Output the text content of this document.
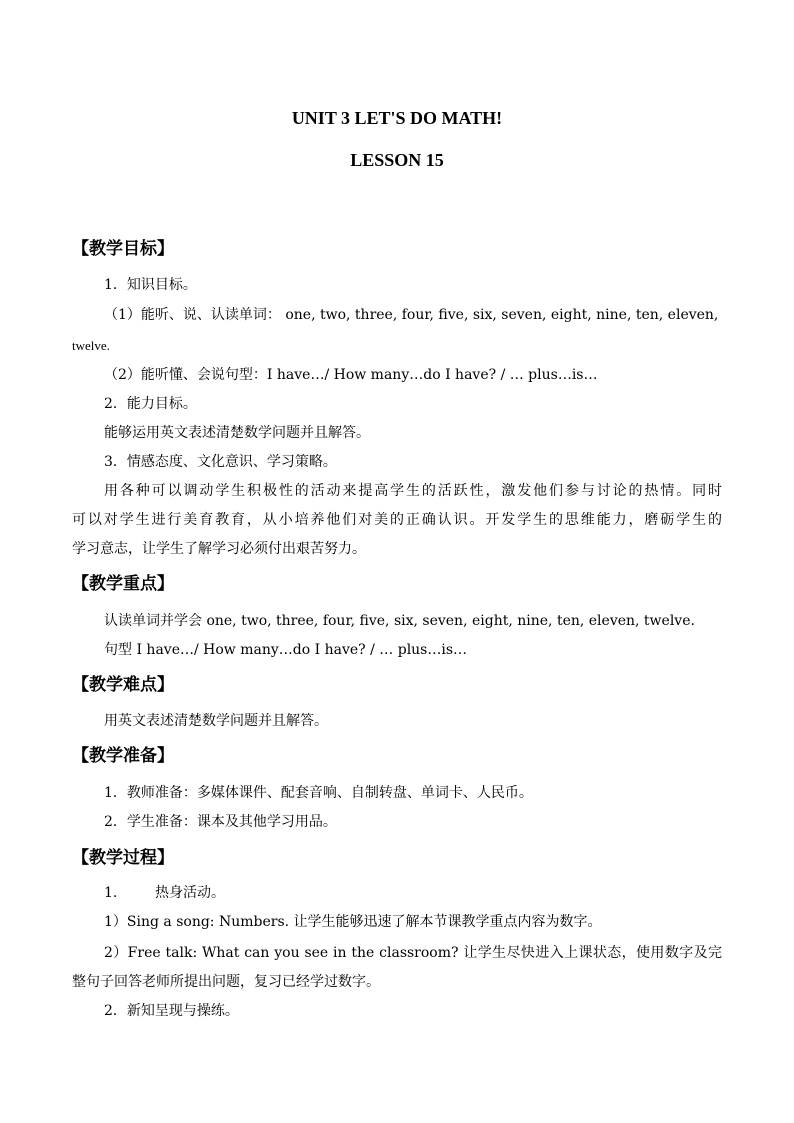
UNIT 3 LET'S DO MATH!
LESSON 15
【教学目标】
1．知识目标。
（1）能听、说、认读单词： one, two, three, four, five, six, seven, eight, nine, ten, eleven,
twelve.
（2）能听懂、会说句型：I have…/ How many…do I have? / … plus…is…
2．能力目标。
能够运用英文表述清楚数学问题并且解答。
3．情感态度、文化意识、学习策略。
用各种可以调动学生积极性的活动来提高学生的活跃性，激发他们参与讨论的热情。同时
可以对学生进行美育教育，从小培养他们对美的正确认识。开发学生的思维能力，磨砺学生的
学习意志，让学生了解学习必须付出艰苦努力。
【教学重点】
认读单词并学会 one, two, three, four, five, six, seven, eight, nine, ten, eleven, twelve.
句型 I have…/ How many…do I have? / … plus…is…
【教学难点】
用英文表述清楚数学问题并且解答。
【教学准备】
1．教师准备：多媒体课件、配套音响、自制转盘、单词卡、人民币。
2．学生准备：课本及其他学习用品。
【教学过程】
1.	热身活动。
1）Sing a song: Numbers. 让学生能够迅速了解本节课教学重点内容为数字。
2）Free talk: What can you see in the classroom? 让学生尽快进入上课状态，使用数字及完
整句子回答老师所提出问题，复习已经学过数字。
2．新知呈现与操练。
